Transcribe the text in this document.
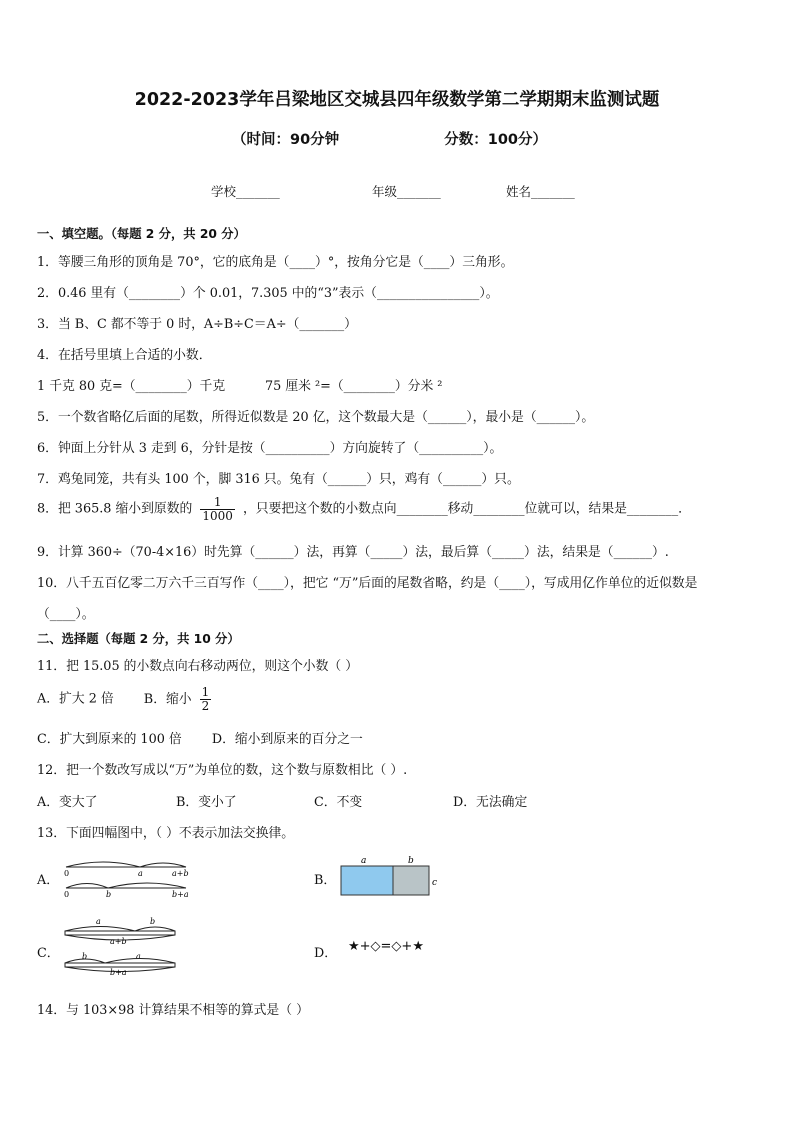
2022-2023学年吕梁地区交城县四年级数学第二学期期末监测试题
（时间：90分钟	分数：100分）
学校_______	年级_______	姓名_______
一、填空题。（每题 2 分，共 20 分）
1．等腰三角形的顶角是 70°，它的底角是（____）°，按角分它是（____）三角形。
2．0.46 里有（________）个 0.01，7.305 中的“3”表示（________________）。
3．当 B、C 都不等于 0 时，A÷B÷C＝A÷（_______）
4．在括号里填上合适的小数．
1 千克 80 克=（________）千克	75 厘米 ²=（________）分米 ²
5．一个数省略亿后面的尾数，所得近似数是 20 亿，这个数最大是（______），最小是（______）。
6．钟面上分针从 3 走到 6，分针是按（__________）方向旋转了（__________）。
7．鸡兔同笼，共有头 100 个，脚 316 只。兔有（______）只，鸡有（______）只。
8．把 365.8 缩小到原数的 $\frac{1}{1000}$ ，只要把这个数的小数点向________移动________位就可以，结果是________．
9．计算 360÷（70-4×16）时先算（______）法，再算（_____）法，最后算（_____）法，结果是（______）.
10．八千五百亿零二万六千三百写作（____），把它 “万”后面的尾数省略，约是（____），写成用亿作单位的近似数是
（____）。
二、选择题（每题 2 分，共 10 分）
11．把 15.05 的小数点向右移动两位，则这个小数（ ）
A．扩大 2 倍 B．缩小 $\frac{1}{2}$
C．扩大到原来的 100 倍 D．缩小到原来的百分之一
12．把一个数改写成以“万”为单位的数，这个数与原数相比（ ）.
A．变大了	B．变小了	C．不变	D．无法确定
13．下面四幅图中，（ ）不表示加法交换律。
A． 0	a	a+b
0	b	b+a
B．
a	b
c
C．
a	b
a+b
b	a
b+a
D． ★+◇=◇+★
14．与 103×98 计算结果不相等的算式是（ ）
